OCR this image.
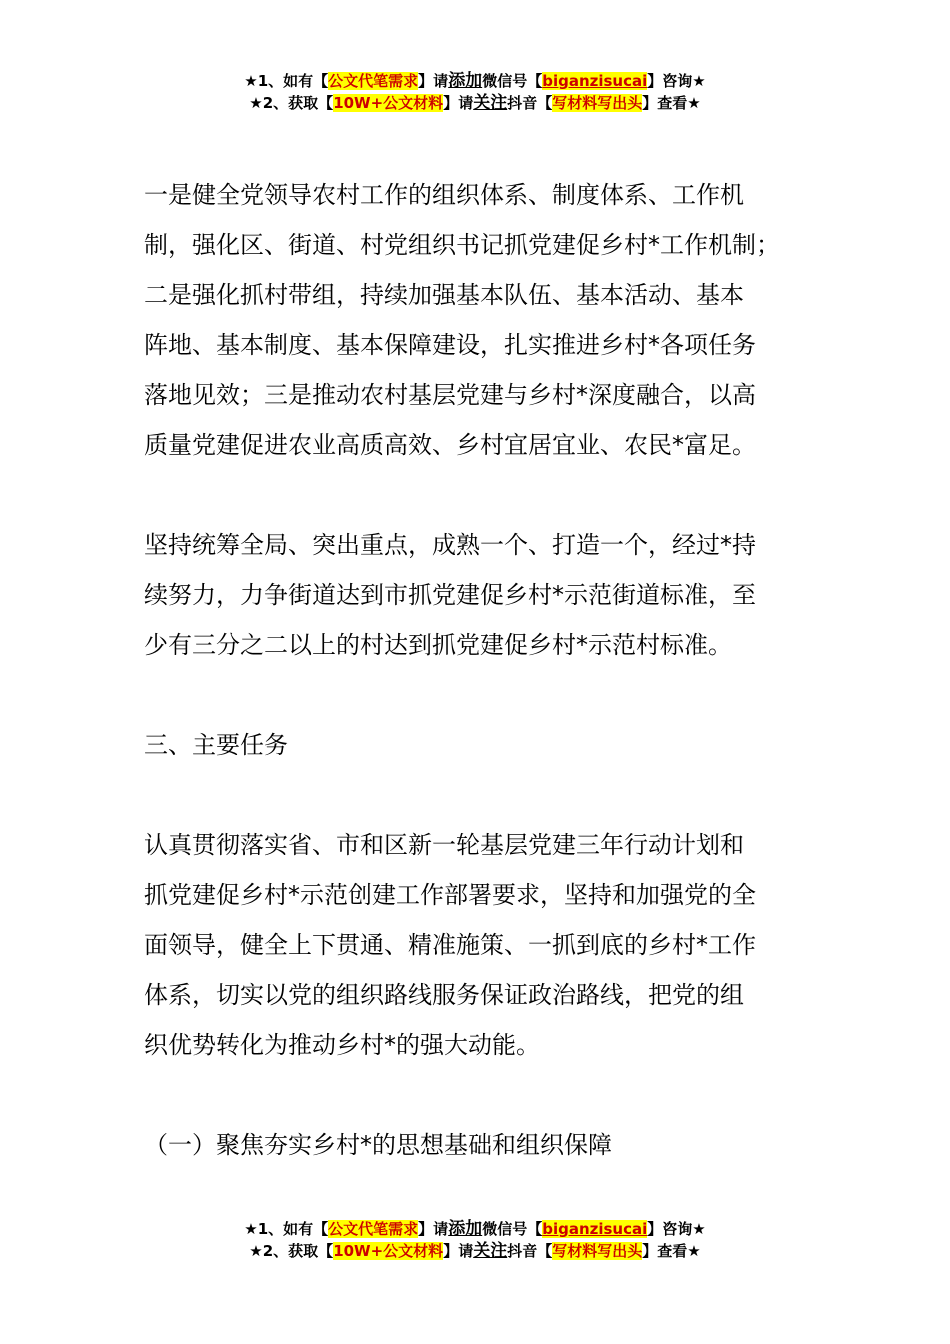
★1、如有【公文代笔需求】请添加微信号【biganzisucai】咨询★
★2、获取【10W+公文材料】请关注抖音【写材料写出头】查看★

一是健全党领导农村工作的组织体系、制度体系、工作机
制，强化区、街道、村党组织书记抓党建促乡村*工作机制；
二是强化抓村带组，持续加强基本队伍、基本活动、基本
阵地、基本制度、基本保障建设，扎实推进乡村*各项任务
落地见效；三是推动农村基层党建与乡村*深度融合，以高
质量党建促进农业高质高效、乡村宜居宜业、农民*富足。

坚持统筹全局、突出重点，成熟一个、打造一个，经过*持
续努力，力争街道达到市抓党建促乡村*示范街道标准，至
少有三分之二以上的村达到抓党建促乡村*示范村标准。

三、主要任务

认真贯彻落实省、市和区新一轮基层党建三年行动计划和
抓党建促乡村*示范创建工作部署要求，坚持和加强党的全
面领导，健全上下贯通、精准施策、一抓到底的乡村*工作
体系，切实以党的组织路线服务保证政治路线，把党的组
织优势转化为推动乡村*的强大动能。

（一）聚焦夯实乡村*的思想基础和组织保障

★1、如有【公文代笔需求】请添加微信号【biganzisucai】咨询★
★2、获取【10W+公文材料】请关注抖音【写材料写出头】查看★
